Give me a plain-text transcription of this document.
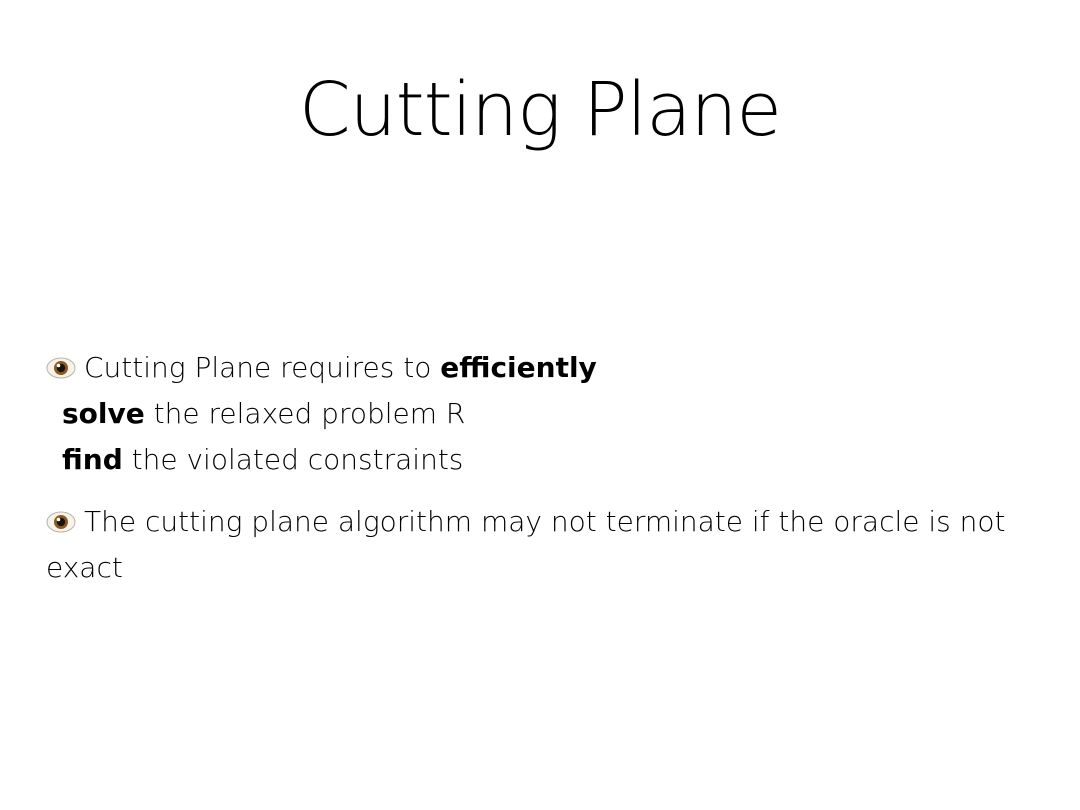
Cutting Plane
Cutting Plane requires to efficiently
solve the relaxed problem R
find the violated constraints
The cutting plane algorithm may not terminate if the oracle is not exact
